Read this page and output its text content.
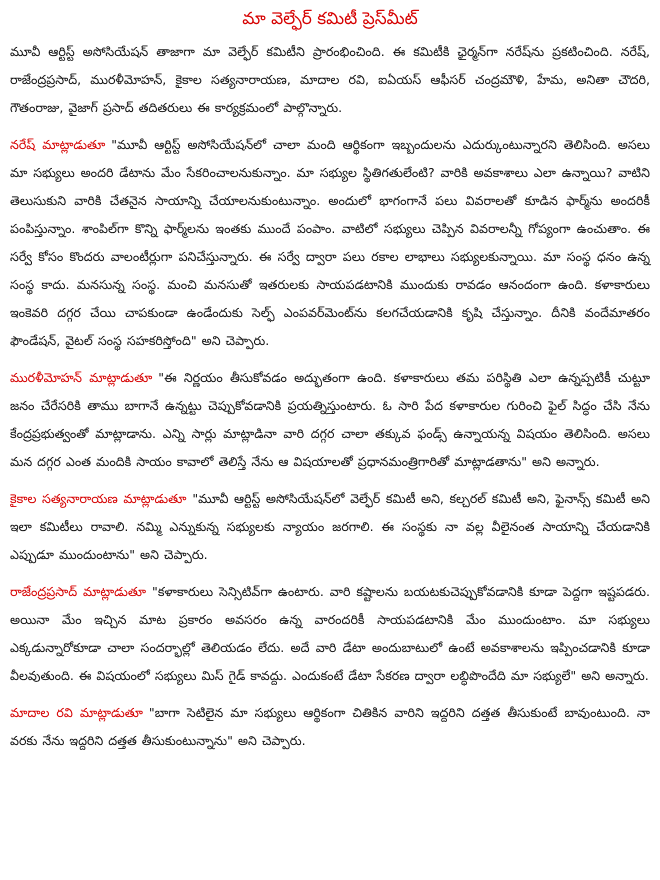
మా వెల్ఫేర్ కమిటీ ప్రెస్‌మీట్

మూవీ ఆర్టిస్ట్ అసోసియేషన్ తాజాగా మా వెల్ఫేర్ కమిటీని ప్రారంభించింది. ఈ కమిటీకి ఛైర్మన్‌గా నరేష్‌ను ప్రకటించింది. నరేష్, రాజేంద్రప్రసాద్, మురళీమోహన్, కైకాల సత్యనారాయణ, మాదాల రవి, ఐఏయస్ ఆఫీసర్ చంద్రమౌళి, హేమ, అనితా చౌదరి, గౌతంరాజు, వైజాగ్ ప్రసాద్ తదితరులు ఈ కార్యక్రమంలో పాల్గొన్నారు.

నరేష్ మాట్లాడుతూ "మూవీ ఆర్టిస్ట్ అసోసియేషన్‌లో చాలా మంది ఆర్థికంగా ఇబ్బందులను ఎదుర్కుంటున్నారని తెలిసింది. అసలు మా సభ్యులు అందరి డేటాను మేం సేకరించాలనుకున్నాం. మా సభ్యుల స్థితిగతులేంటి? వారికి అవకాశాలు ఎలా ఉన్నాయి? వాటిని తెలుసుకుని వారికి చేతనైన సాయాన్ని చేయాలనుకుంటున్నాం. అందులో భాగంగానే పలు వివరాలతో కూడిన ఫార్మ్‌ను అందరికీ పంపిస్తున్నాం. శాంపిల్‌గా కొన్ని ఫార్మ్‌లను ఇంతకు ముందే పంపాం. వాటిలో సభ్యులు చెప్పిన వివరాలన్నీ గోప్యంగా ఉంచుతాం. ఈ సర్వే కోసం కొందరు వాలంటీర్లుగా పనిచేస్తున్నారు. ఈ సర్వే ద్వారా పలు రకాల లాభాలు సభ్యులకున్నాయి. మా సంస్థ ధనం ఉన్న సంస్థ కాదు. మనసున్న సంస్థ. మంచి మనసుతో ఇతరులకు సాయపడటానికి ముందుకు రావడం ఆనందంగా ఉంది. కళాకారులు ఇంకెవరి దగ్గర చేయి చాపకుండా ఉండేందుకు సెల్ఫ్ ఎంపవర్‌మెంట్‌ను కలగచేయడానికి కృషి చేస్తున్నాం. దీనికి వందేమాతరం ఫౌండేషన్, వైటల్ సంస్థ సహకరిస్తోంది" అని చెప్పారు.

మురళీమోహన్ మాట్లాడుతూ "ఈ నిర్ణయం తీసుకోవడం అద్భుతంగా ఉంది. కళాకారులు తమ పరిస్థితి ఎలా ఉన్నప్పటికీ చుట్టూ జనం చేరేసరికి తాము బాగానే ఉన్నట్టు చెప్పుకోవడానికి ప్రయత్నిస్తుంటారు. ఓ సారి పేద కళాకారుల గురించి ఫైల్ సిద్ధం చేసి నేను కేంద్రప్రభుత్వంతో మాట్లాడాను. ఎన్ని సార్లు మాట్లాడినా వారి దగ్గర చాలా తక్కువ ఫండ్స్ ఉన్నాయన్న విషయం తెలిసింది. అసలు మన దగ్గర ఎంత మందికి సాయం కావాలో తెలిస్తే నేను ఆ విషయాలతో ప్రధానమంత్రిగారితో మాట్లాడతాను" అని అన్నారు.

కైకాల సత్యనారాయణ మాట్లాడుతూ "మూవీ ఆర్టిస్ట్ అసోసియేషన్‌లో వెల్ఫేర్ కమిటీ అని, కల్చరల్ కమిటీ అని, ఫైనాన్స్ కమిటీ అని ఇలా కమిటీలు రావాలి. నమ్మి ఎన్నుకున్న సభ్యులకు న్యాయం జరగాలి. ఈ సంస్థకు నా వల్ల వీలైనంత సాయాన్ని చేయడానికి ఎప్పుడూ ముందుంటాను" అని చెప్పారు.

రాజేంద్రప్రసాద్ మాట్లాడుతూ "కళాకారులు సెన్సిటివ్‌గా ఉంటారు. వారి కష్టాలను బయటకుచెప్పుకోవడానికి కూడా పెద్దగా ఇష్టపడరు. అయినా మేం ఇచ్చిన మాట ప్రకారం అవసరం ఉన్న వారందరికీ సాయపడటానికి మేం ముందుంటాం. మా సభ్యులు ఎక్కడున్నారోకూడా చాలా సందర్భాల్లో తెలియడం లేదు. అదే వారి డేటా అందుబాటులో ఉంటే అవకాశాలను ఇప్పించడానికి కూడా వీలవుతుంది. ఈ విషయంలో సభ్యులు మిస్ గైడ్ కావద్దు. ఎందుకంటే డేటా సేకరణ ద్వారా లబ్ధిపొందేది మా సభ్యులే" అని అన్నారు.

మాదాల రవి మాట్లాడుతూ "బాగా సెటిలైన మా సభ్యులు ఆర్థికంగా చితికిన వారిని ఇద్దరిని దత్తత తీసుకుంటే బావుంటుంది. నా వరకు నేను ఇద్దరిని దత్తత తీసుకుంటున్నాను" అని చెప్పారు.
